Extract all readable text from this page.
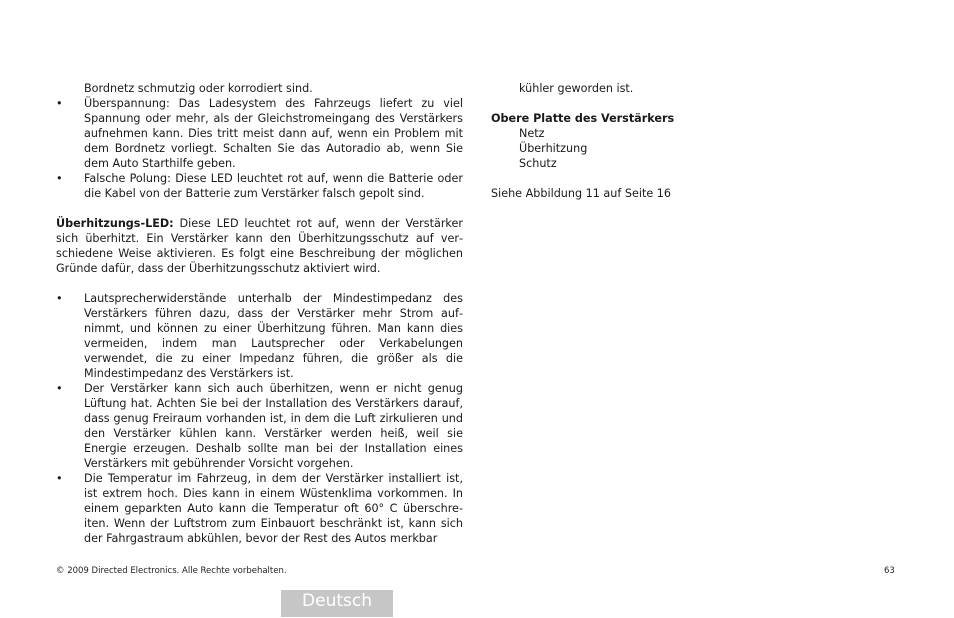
Bordnetz schmutzig oder korrodiert sind.

•	Überspannung: Das Ladesystem des Fahrzeugs liefert zu viel Spannung oder mehr, als der Gleichstromeingang des Verstärkers aufnehmen kann. Dies tritt meist dann auf, wenn ein Problem mit dem Bordnetz vorliegt. Schalten Sie das Autoradio ab, wenn Sie dem Auto Starthilfe geben.
•	Falsche Polung: Diese LED leuchtet rot auf, wenn die Batterie oder die Kabel von der Batterie zum Verstärker falsch gepolt sind.

Überhitzungs-LED: Diese LED leuchtet rot auf, wenn der Verstärker sich überhitzt. Ein Verstärker kann den Überhitzungsschutz auf verschiedene Weise aktivieren. Es folgt eine Beschreibung der möglichen Gründe dafür, dass der Überhitzungsschutz aktiviert wird.

•	Lautsprecherwiderstände unterhalb der Mindestimpedanz des Verstärkers führen dazu, dass der Verstärker mehr Strom aufnimmt, und können zu einer Überhitzung führen. Man kann dies vermeiden, indem man Lautsprecher oder Verkabelungen verwendet, die zu einer Impedanz führen, die größer als die Mindestimpedanz des Verstärkers ist.
•	Der Verstärker kann sich auch überhitzen, wenn er nicht genug Lüftung hat. Achten Sie bei der Installation des Verstärkers darauf, dass genug Freiraum vorhanden ist, in dem die Luft zirkulieren und den Verstärker kühlen kann. Verstärker werden heiß, weil sie Energie erzeugen. Deshalb sollte man bei der Installation eines Verstärkers mit gebührender Vorsicht vorgehen.
•	Die Temperatur im Fahrzeug, in dem der Verstärker installiert ist, ist extrem hoch. Dies kann in einem Wüstenklima vorkommen. In einem geparkten Auto kann die Temperatur oft 60° C überschreiten. Wenn der Luftstrom zum Einbauort beschränkt ist, kann sich der Fahrgastraum abkühlen, bevor der Rest des Autos merkbar

kühler geworden ist.

Obere Platte des Verstärkers

Netz
Überhitzung
Schutz

Siehe Abbildung 11 auf Seite 16

© 2009 Directed Electronics. Alle Rechte vorbehalten.	63
Deutsch
